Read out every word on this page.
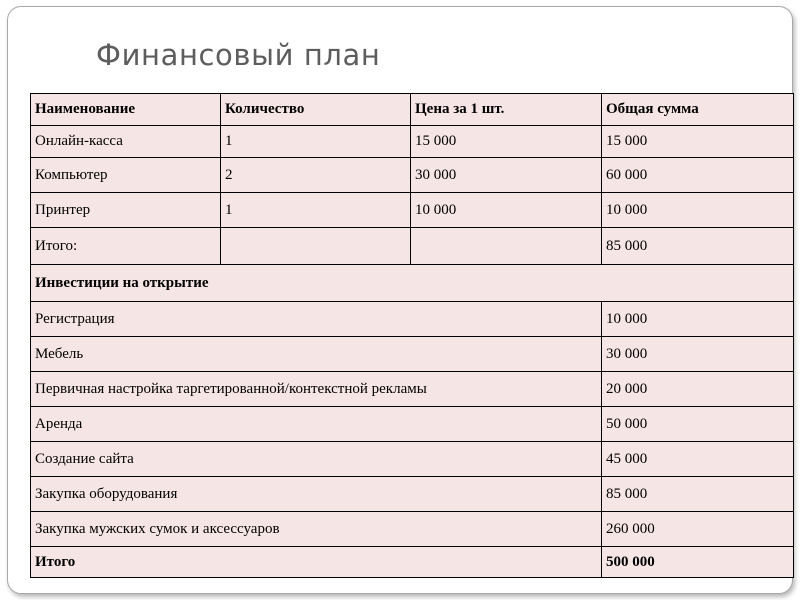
Финансовый план
Наименование	Количество	Цена за 1 шт.	Общая сумма
Онлайн-касса	1	15 000	15 000
Компьютер	2	30 000	60 000
Принтер	1	10 000	10 000
Итого:			85 000
Инвестиции на открытие			
Регистрация			10 000
Мебель			30 000
Первичная настройка таргетированной/контекстной рекламы			20 000
Аренда			50 000
Создание сайта			45 000
Закупка оборудования			85 000
Закупка мужских сумок и аксессуаров			260 000
Итого			500 000
